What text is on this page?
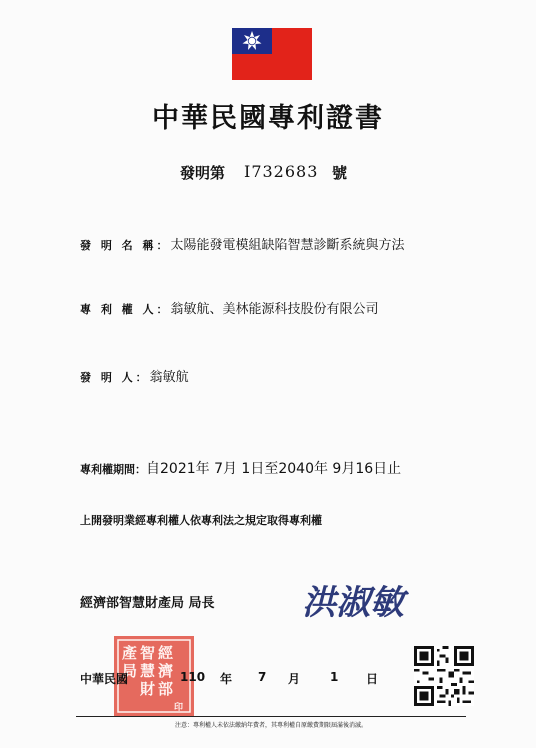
中華民國專利證書
發明第 I732683 號
發 明 名 稱：太陽能發電模組缺陷智慧診斷系統與方法
專 利 權 人：翁敏航、美林能源科技股份有限公司
發 明 人：翁敏航
專利權期間：自2021年 7月 1日至2040年 9月16日止
上開發明業經專利權人依專利法之規定取得專利權
經濟部智慧財產局 局長	洪淑敏
經
濟
部
智
慧
財
產
局
印
中華民國	110 年 7 月 1 日
注意：專利權人未依法繳納年費者，其專利權自原繳費期限屆滿後消滅。
